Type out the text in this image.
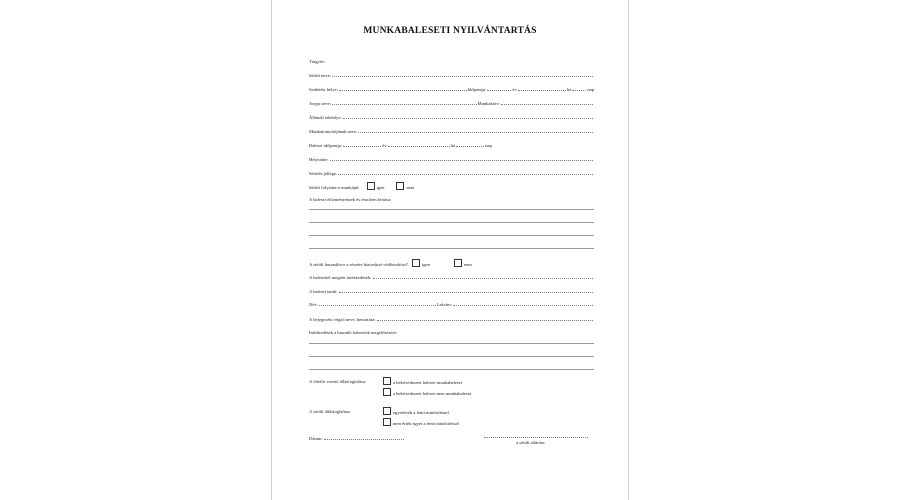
MUNKABALESETI NYILVÁNTARTÁS
Tárgyév:
Sérült neve:
Születési helye:	Időpontja:	év	hó	nap
Anyja neve:	Munkaköre:
Állandó lakhelye:
Munkairányítójának neve:
Baleset időpontja:	év	hó	nap
Helyszíne:
Sérülés jellege:
Sérült folytatta-e munkáját:	igen	nem
A baleset előzményeinek és részletes leírása:
A sérült használta-e a részére biztosított védőeszközt?	igen	nem
A balesettel megtett intézkedések:
A baleset tanúi:
Név:	Lakcím:
A bejegyzést végző neve, beosztása:
Intézkedések a hasonló balesetek megelőzésére:
A felelős vezető állásfoglalása:	a bekövetkezett baleset munkabaleset
a bekövetkezett baleset nem munkabaleset
A sérült állásfoglalása:	egyetértek a fenti minősítéssel
nem értek egyet a fenti minősítéssel
Dátum:
a sérült aláírása
